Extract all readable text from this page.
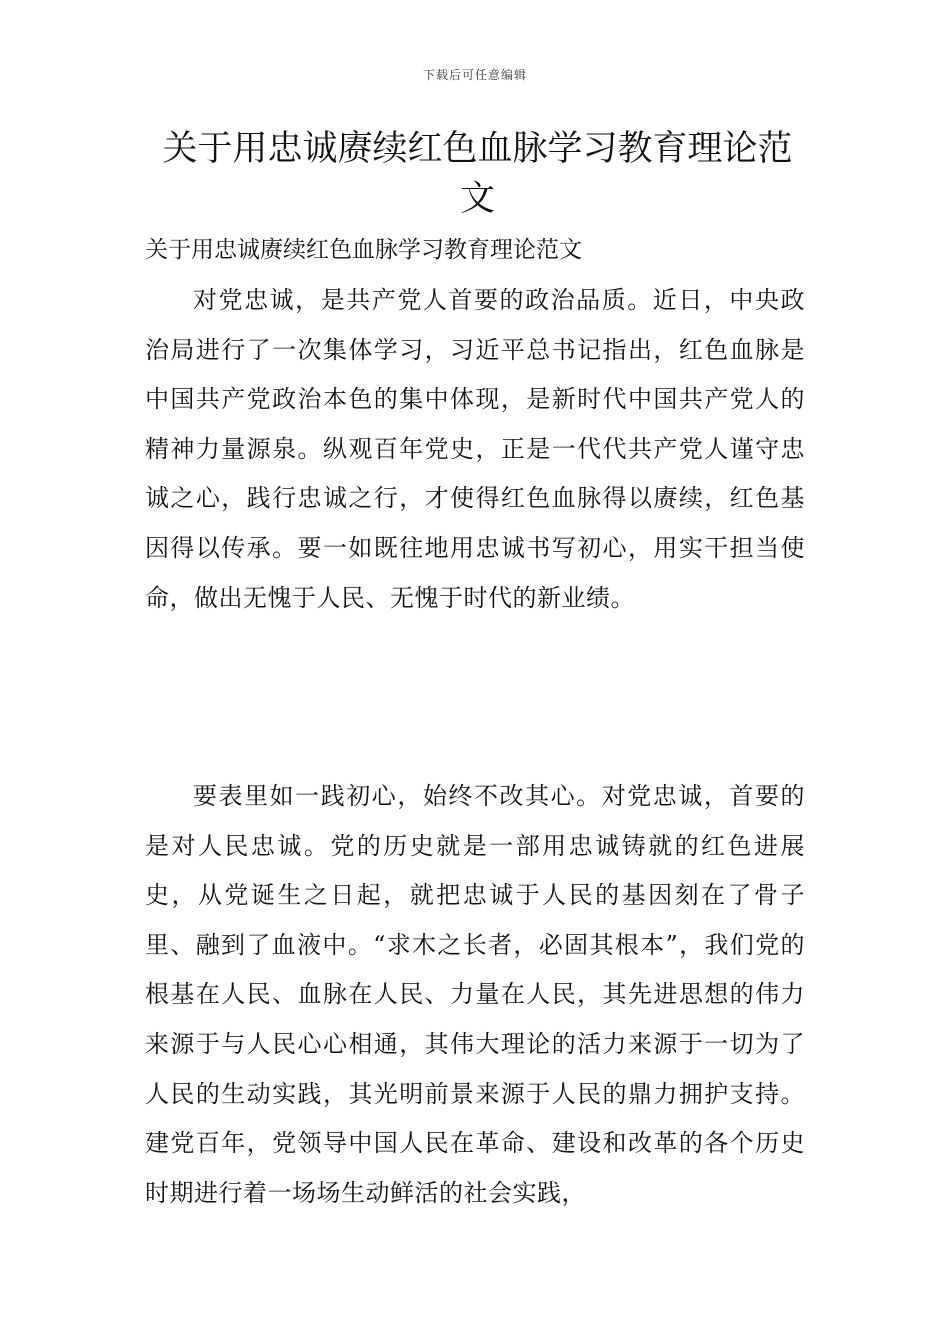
下载后可任意编辑
关于用忠诚赓续红色血脉学习教育理论范文

关于用忠诚赓续红色血脉学习教育理论范文

对党忠诚，是共产党人首要的政治品质。近日，中央政治局进行了一次集体学习，习近平总书记指出，红色血脉是中国共产党政治本色的集中体现，是新时代中国共产党人的精神力量源泉。纵观百年党史，正是一代代共产党人谨守忠诚之心，践行忠诚之行，才使得红色血脉得以赓续，红色基因得以传承。要一如既往地用忠诚书写初心，用实干担当使命，做出无愧于人民、无愧于时代的新业绩。

要表里如一践初心，始终不改其心。对党忠诚，首要的是对人民忠诚。党的历史就是一部用忠诚铸就的红色进展史，从党诞生之日起，就把忠诚于人民的基因刻在了骨子里、融到了血液中。“求木之长者，必固其根本”，我们党的根基在人民、血脉在人民、力量在人民，其先进思想的伟力来源于与人民心心相通，其伟大理论的活力来源于一切为了人民的生动实践，其光明前景来源于人民的鼎力拥护支持。建党百年，党领导中国人民在革命、建设和改革的各个历史时期进行着一场场生动鲜活的社会实践，
